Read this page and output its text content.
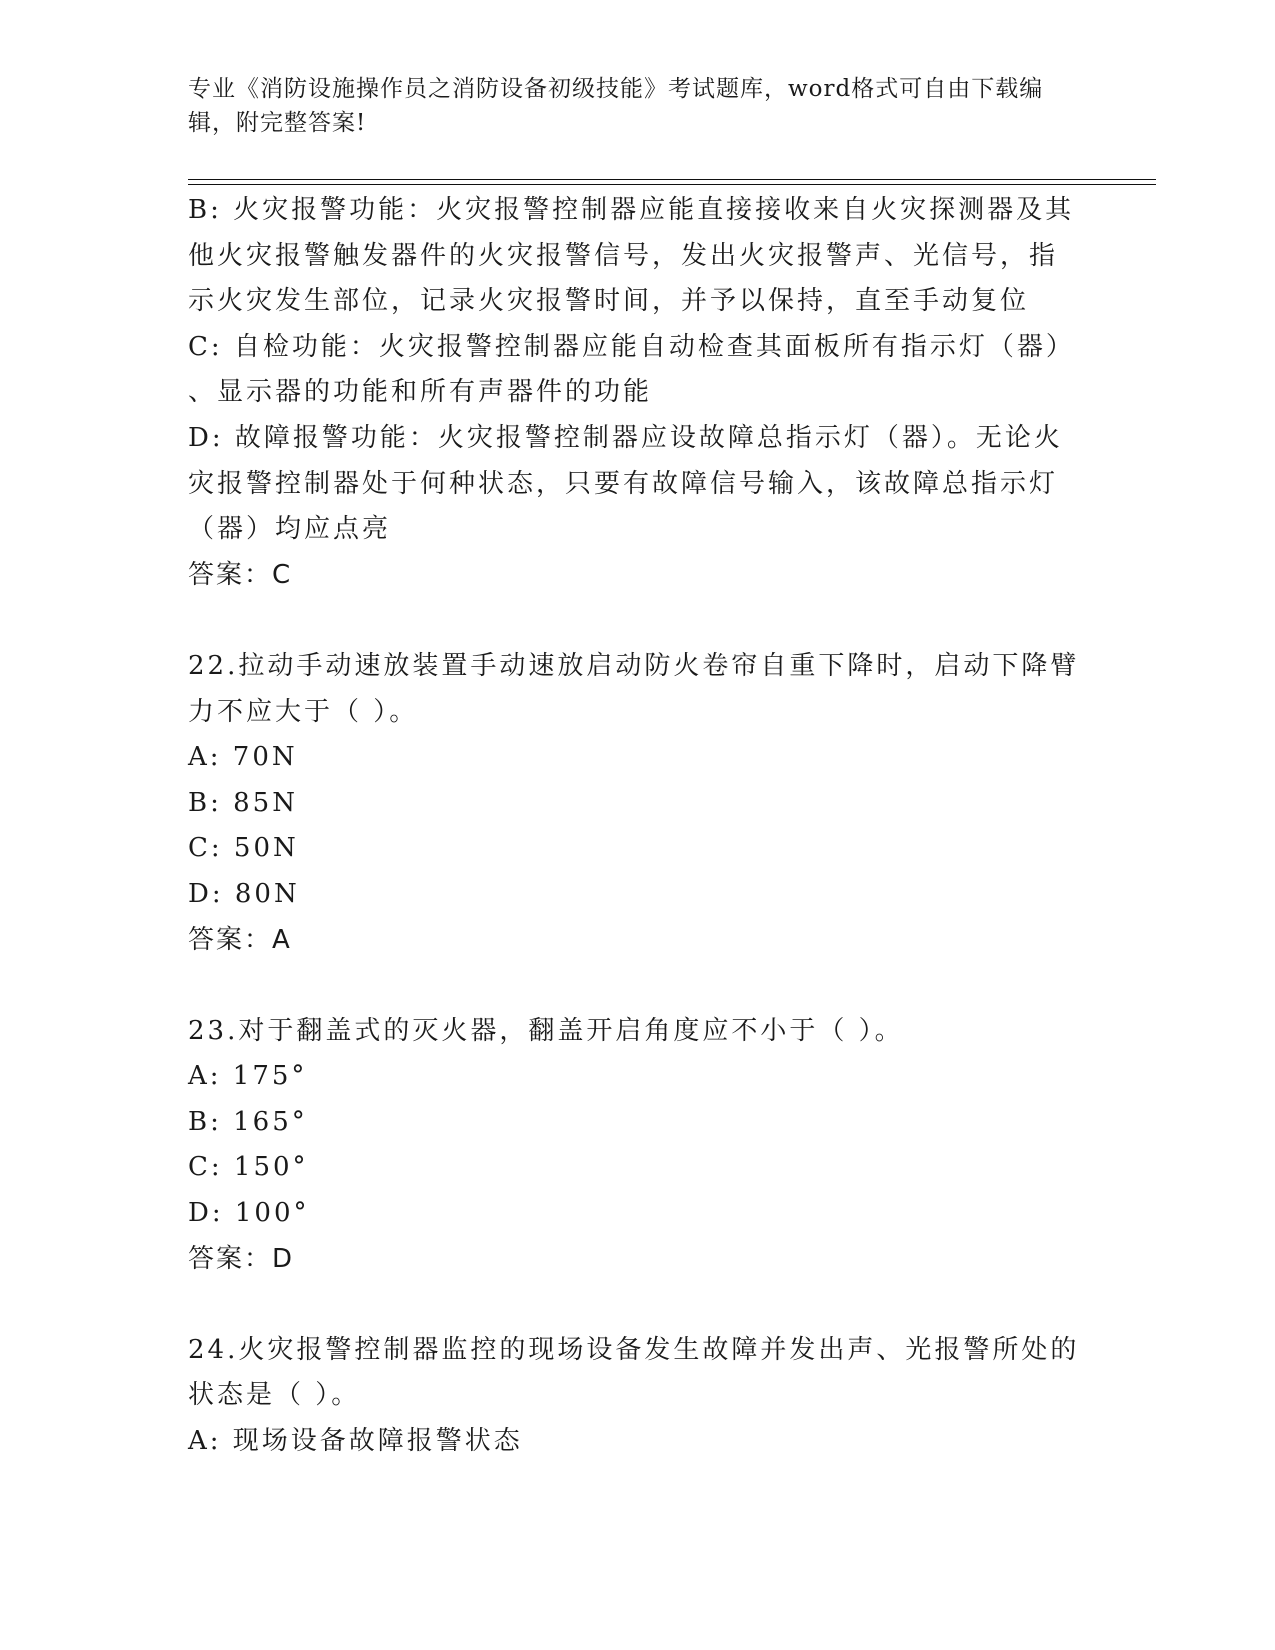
专业《消防设施操作员之消防设备初级技能》考试题库，word格式可自由下载编
辑，附完整答案!
B: 火灾报警功能：火灾报警控制器应能直接接收来自火灾探测器及其
他火灾报警触发器件的火灾报警信号，发出火灾报警声、光信号，指
示火灾发生部位，记录火灾报警时间，并予以保持，直至手动复位
C: 自检功能：火灾报警控制器应能自动检查其面板所有指示灯（器）
、显示器的功能和所有声器件的功能
D: 故障报警功能：火灾报警控制器应设故障总指示灯（器）。无论火
灾报警控制器处于何种状态，只要有故障信号输入，该故障总指示灯
（器）均应点亮
答案：C
22.拉动手动速放装置手动速放启动防火卷帘自重下降时，启动下降臂
力不应大于（ ）。
A: 70N
B: 85N
C: 50N
D: 80N
答案：A
23.对于翻盖式的灭火器，翻盖开启角度应不小于（ ）。
A: 175°
B: 165°
C: 150°
D: 100°
答案：D
24.火灾报警控制器监控的现场设备发生故障并发出声、光报警所处的
状态是（ ）。
A: 现场设备故障报警状态
